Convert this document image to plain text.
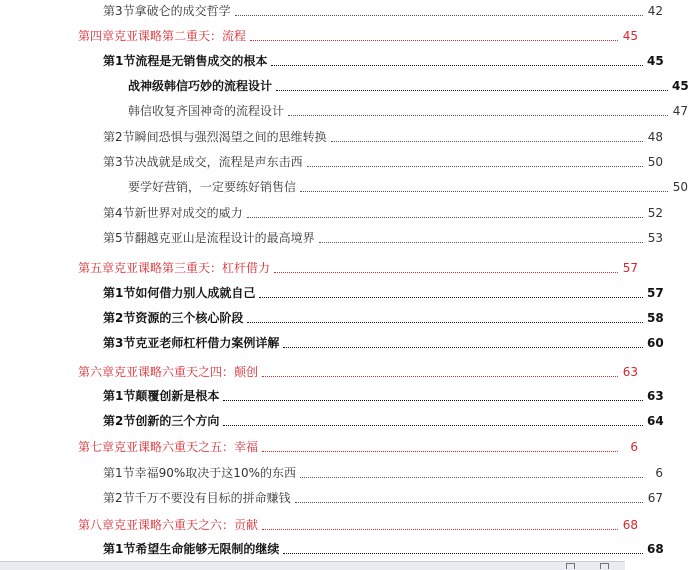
第3节拿破仑的成交哲学	42
第四章克亚课略第二重天：流程	45
第1节流程是无销售成交的根本	45
战神级韩信巧妙的流程设计	45
韩信收复齐国神奇的流程设计	47
第2节瞬间恐惧与强烈渴望之间的思维转换	48
第3节决战就是成交，流程是声东击西	50
要学好营销，一定要练好销售信	50
第4节新世界对成交的威力	52
第5节翻越克亚山是流程设计的最高境界	53
第五章克亚课略第三重天：杠杆借力	57
第1节如何借力别人成就自己	57
第2节资源的三个核心阶段	58
第3节克亚老师杠杆借力案例详解	60
第六章克亚课略六重天之四：颠创	63
第1节颠覆创新是根本	63
第2节创新的三个方向	64
第七章克亚课略六重天之五：幸福	6
第1节幸福90%取决于这10%的东西	6
第2节千万不要没有目标的拼命赚钱	67
第八章克亚课略六重天之六：贡献	68
第1节希望生命能够无限制的继续	68
